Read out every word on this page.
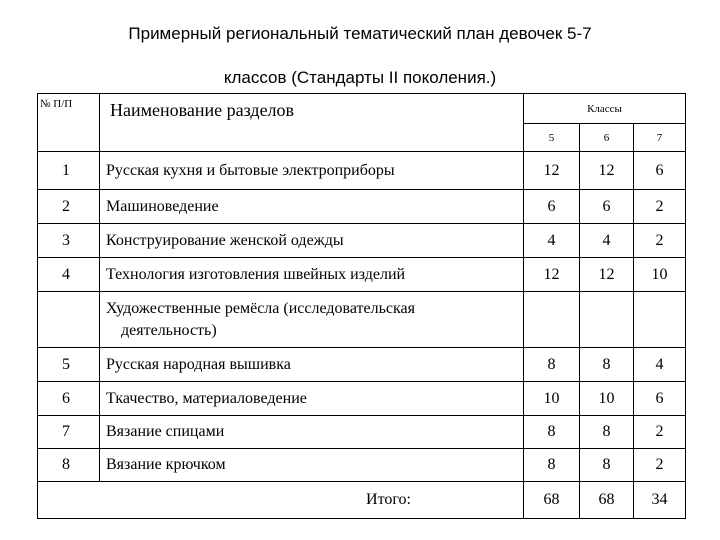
Примерный региональный тематический план девочек 5-7
классов (Стандарты II поколения.)
№ П/П	Наименование разделов	Классы		
		5	6	7
1	Русская кухня и бытовые электроприборы	12	12	6
2	Машиноведение	6	6	2
3	Конструирование женской одежды	4	4	2
4	Технология изготовления швейных изделий	12	12	10
	Художественные ремёсла (исследовательская
деятельность)			

5	Русская народная вышивка	8	8	4
6	Ткачество, материаловедение	10	10	6
7	Вязание спицами	8	8	2
8	Вязание крючком	8	8	2
Итого:		68	68	34
